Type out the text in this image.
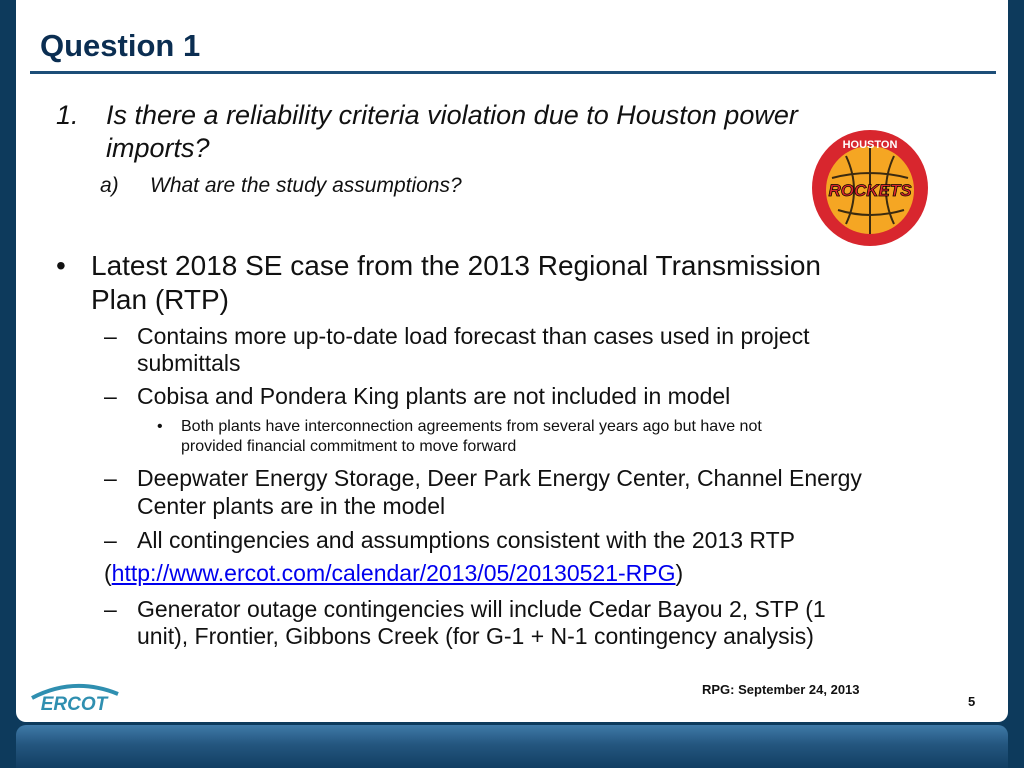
Question 1
1. Is there a reliability criteria violation due to Houston power
imports?
a) What are the study assumptions?
• Latest 2018 SE case from the 2013 Regional Transmission
Plan (RTP)
– Contains more up-to-date load forecast than cases used in project
submittals
– Cobisa and Pondera King plants are not included in model
• Both plants have interconnection agreements from several years ago but have not
provided financial commitment to move forward
– Deepwater Energy Storage, Deer Park Energy Center, Channel Energy
Center plants are in the model
– All contingencies and assumptions consistent with the 2013 RTP
(http://www.ercot.com/calendar/2013/05/20130521-RPG)
– Generator outage contingencies will include Cedar Bayou 2, STP (1
unit), Frontier, Gibbons Creek (for G-1 + N-1 contingency analysis)
HOUSTON
ROCKETS
ERCOT
RPG: September 24, 2013
5
